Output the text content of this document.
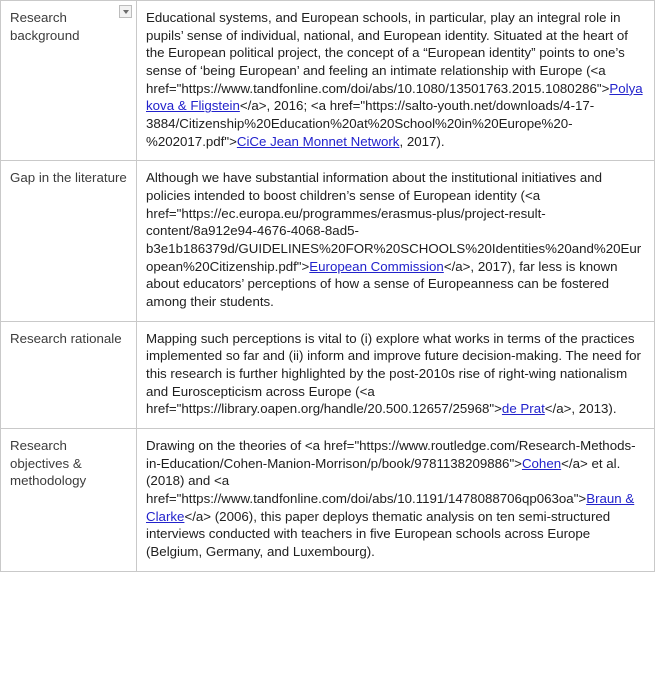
Research background	Educational systems, and European schools, in particular, play an integral role in pupils’ sense of individual, national, and European identity. Situated at the heart of the European political project, the concept of a “European identity” points to one’s sense of ‘being European’ and feeling an intimate relationship with Europe (<a href="https://www.tandfonline.com/doi/abs/10.1080/13501763.2015.1080286">Polyakova & Fligstein</a>, 2016; <a href="https://salto-youth.net/downloads/4-17-3884/Citizenship%20Education%20at%20School%20in%20Europe%20-%202017.pdf">CiCe Jean Monnet Network, 2017).
Gap in the literature	Although we have substantial information about the institutional initiatives and policies intended to boost children’s sense of European identity (<a href="https://ec.europa.eu/programmes/erasmus-plus/project-result-content/8a912e94-4676-4068-8ad5-b3e1b186379d/GUIDELINES%20FOR%20SCHOOLS%20Identities%20and%20European%20Citizenship.pdf">European Commission</a>, 2017), far less is known about educators’ perceptions of how a sense of Europeanness can be fostered among their students.
Research rationale	Mapping such perceptions is vital to (i) explore what works in terms of the practices implemented so far and (ii) inform and improve future decision-making. The need for this research is further highlighted by the post-2010s rise of right-wing nationalism and Euroscepticism across Europe (<a href="https://library.oapen.org/handle/20.500.12657/25968">de Prat</a>, 2013).
Research objectives & methodology	Drawing on the theories of <a href="https://www.routledge.com/Research-Methods-in-Education/Cohen-Manion-Morrison/p/book/9781138209886">Cohen</a> et al. (2018) and <a href="https://www.tandfonline.com/doi/abs/10.1191/1478088706qp063oa">Braun & Clarke</a> (2006), this paper deploys thematic analysis on ten semi-structured interviews conducted with teachers in five European schools across Europe (Belgium, Germany, and Luxembourg).
